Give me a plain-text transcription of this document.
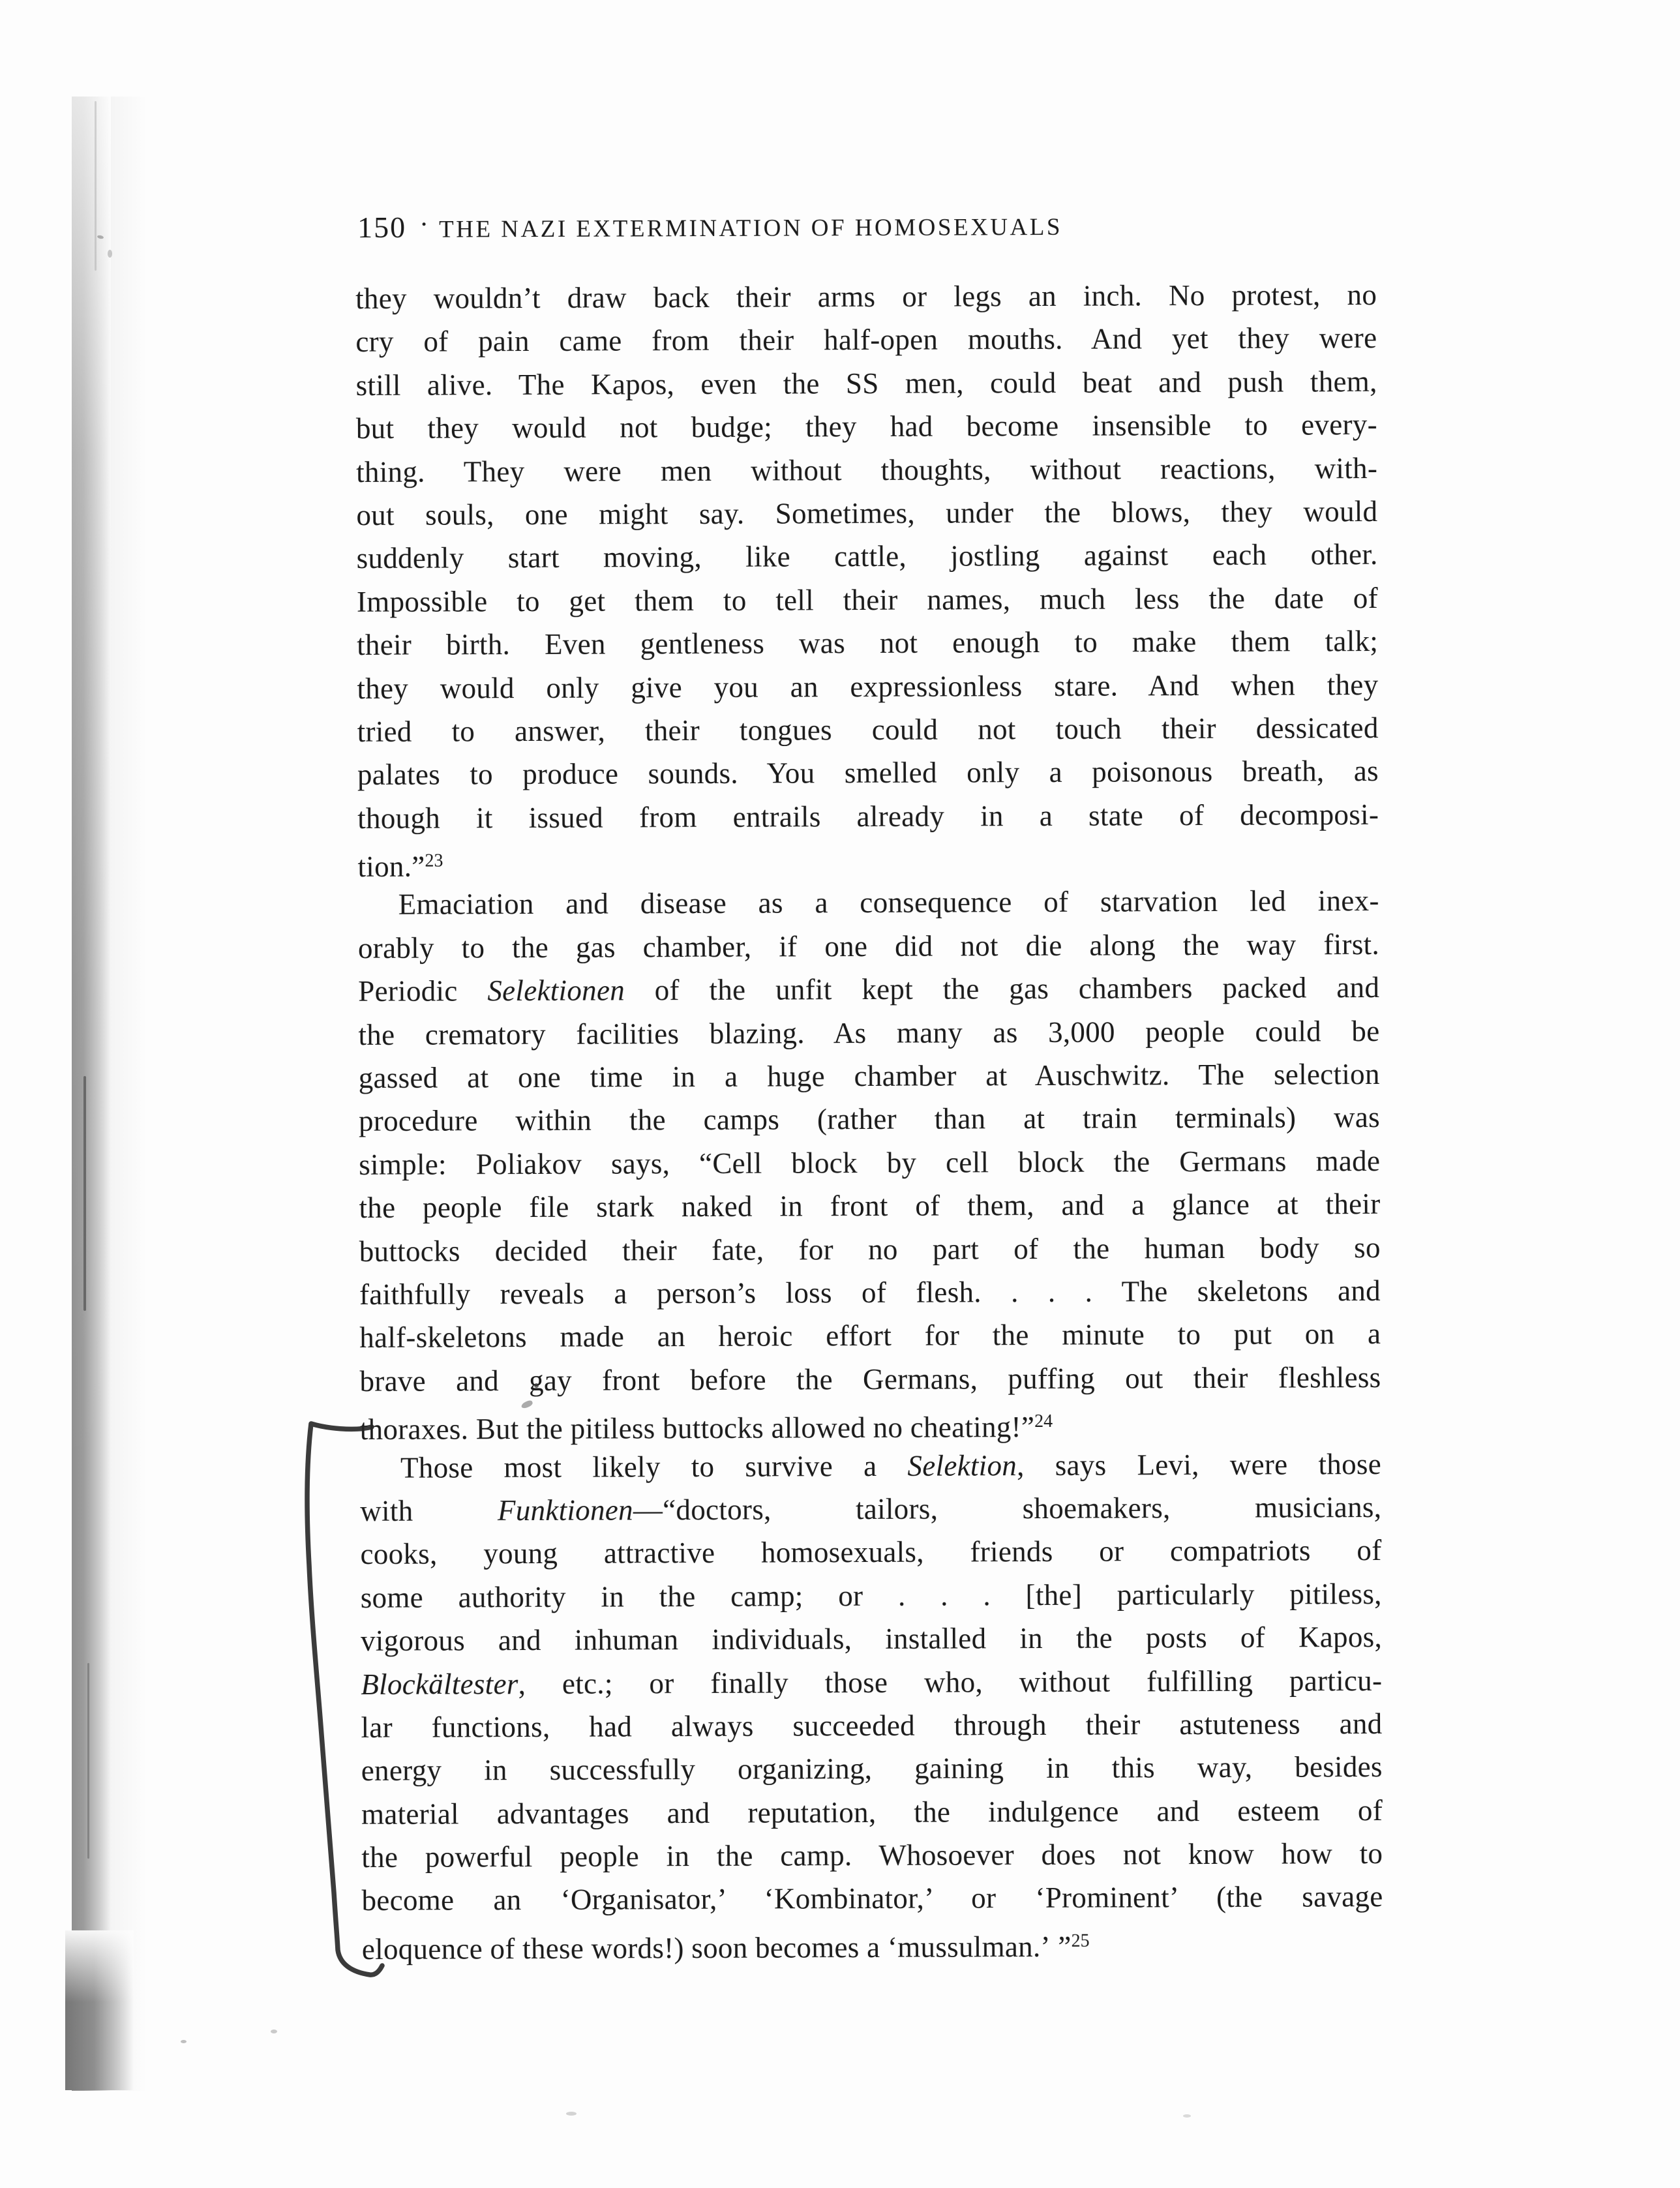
150 · THE NAZI EXTERMINATION OF HOMOSEXUALS
they wouldn’t draw back their arms or legs an inch. No protest, no
cry of pain came from their half-open mouths. And yet they were
still alive. The Kapos, even the SS men, could beat and push them,
but they would not budge; they had become insensible to every-
thing. They were men without thoughts, without reactions, with-
out souls, one might say. Sometimes, under the blows, they would
suddenly start moving, like cattle, jostling against each other.
Impossible to get them to tell their names, much less the date of
their birth. Even gentleness was not enough to make them talk;
they would only give you an expressionless stare. And when they
tried to answer, their tongues could not touch their dessicated
palates to produce sounds. You smelled only a poisonous breath, as
though it issued from entrails already in a state of decomposi-
tion.”$^{23}$
Emaciation and disease as a consequence of starvation led inex-
orably to the gas chamber, if one did not die along the way first.
Periodic Selektionen of the unfit kept the gas chambers packed and
the crematory facilities blazing. As many as 3,000 people could be
gassed at one time in a huge chamber at Auschwitz. The selection
procedure within the camps (rather than at train terminals) was
simple: Poliakov says, “Cell block by cell block the Germans made
the people file stark naked in front of them, and a glance at their
buttocks decided their fate, for no part of the human body so
faithfully reveals a person’s loss of flesh. . . . The skeletons and
half-skeletons made an heroic effort for the minute to put on a
brave and gay front before the Germans, puffing out their fleshless
thoraxes. But the pitiless buttocks allowed no cheating!”$^{24}$
Those most likely to survive a Selektion, says Levi, were those
with Funktionen—“doctors, tailors, shoemakers, musicians,
cooks, young attractive homosexuals, friends or compatriots of
some authority in the camp; or . . . [the] particularly pitiless,
vigorous and inhuman individuals, installed in the posts of Kapos,
Blockältester, etc.; or finally those who, without fulfilling particu-
lar functions, had always succeeded through their astuteness and
energy in successfully organizing, gaining in this way, besides
material advantages and reputation, the indulgence and esteem of
the powerful people in the camp. Whosoever does not know how to
become an ‘Organisator,’ ‘Kombinator,’ or ‘Prominent’ (the savage
eloquence of these words!) soon becomes a ‘mussulman.’ ”$^{25}$
